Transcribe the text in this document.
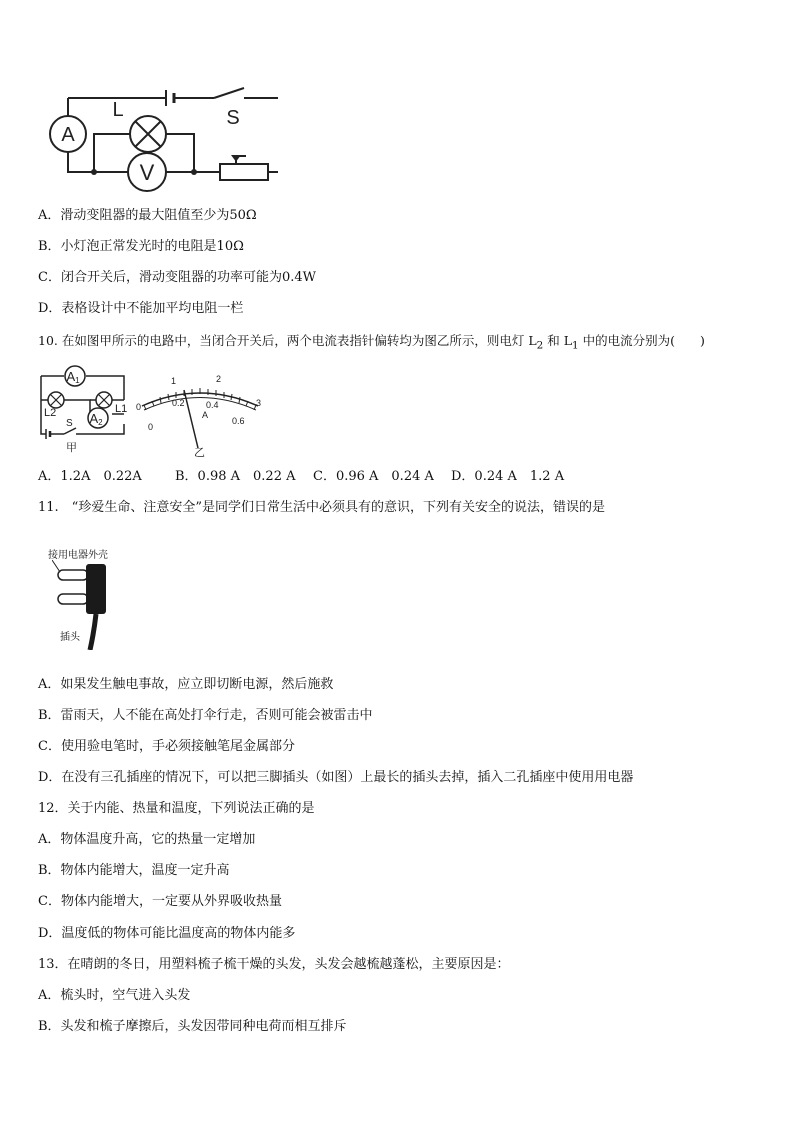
A
V
L	S
A．滑动变阻器的最大阻值至少为50Ω
B．小灯泡正常发光时的电阻是10Ω
C．闭合开关后，滑动变阻器的功率可能为0.4W
D．表格设计中不能加平均电阻一栏
10. 在如图甲所示的电路中，当闭合开关后，两个电流表指针偏转均为图乙所示，则电灯 $L_2$ 和 $L_1$ 中的电流分别为(　　)
A1
A2
L2	L1
S
甲
0
1	2
3
0
0.2 0.4
0.6
A
乙
A．1.2A　0.22A	B．0.98 A　0.22 A C．0.96 A　0.24 A D．0.24 A　1.2 A
11.　“珍爱生命、注意安全”是同学们日常生活中必须具有的意识，下列有关安全的说法，错误的是
接用电器外壳
插头
A．如果发生触电事故，应立即切断电源，然后施救
B．雷雨天，人不能在高处打伞行走，否则可能会被雷击中
C．使用验电笔时，手必须接触笔尾金属部分
D．在没有三孔插座的情况下，可以把三脚插头（如图）上最长的插头去掉，插入二孔插座中使用用电器
12．关于内能、热量和温度，下列说法正确的是
A．物体温度升高，它的热量一定增加
B．物体内能增大，温度一定升高
C．物体内能增大，一定要从外界吸收热量
D．温度低的物体可能比温度高的物体内能多
13．在晴朗的冬日，用塑料梳子梳干燥的头发，头发会越梳越蓬松，主要原因是：
A．梳头时，空气进入头发
B．头发和梳子摩擦后，头发因带同种电荷而相互排斥
